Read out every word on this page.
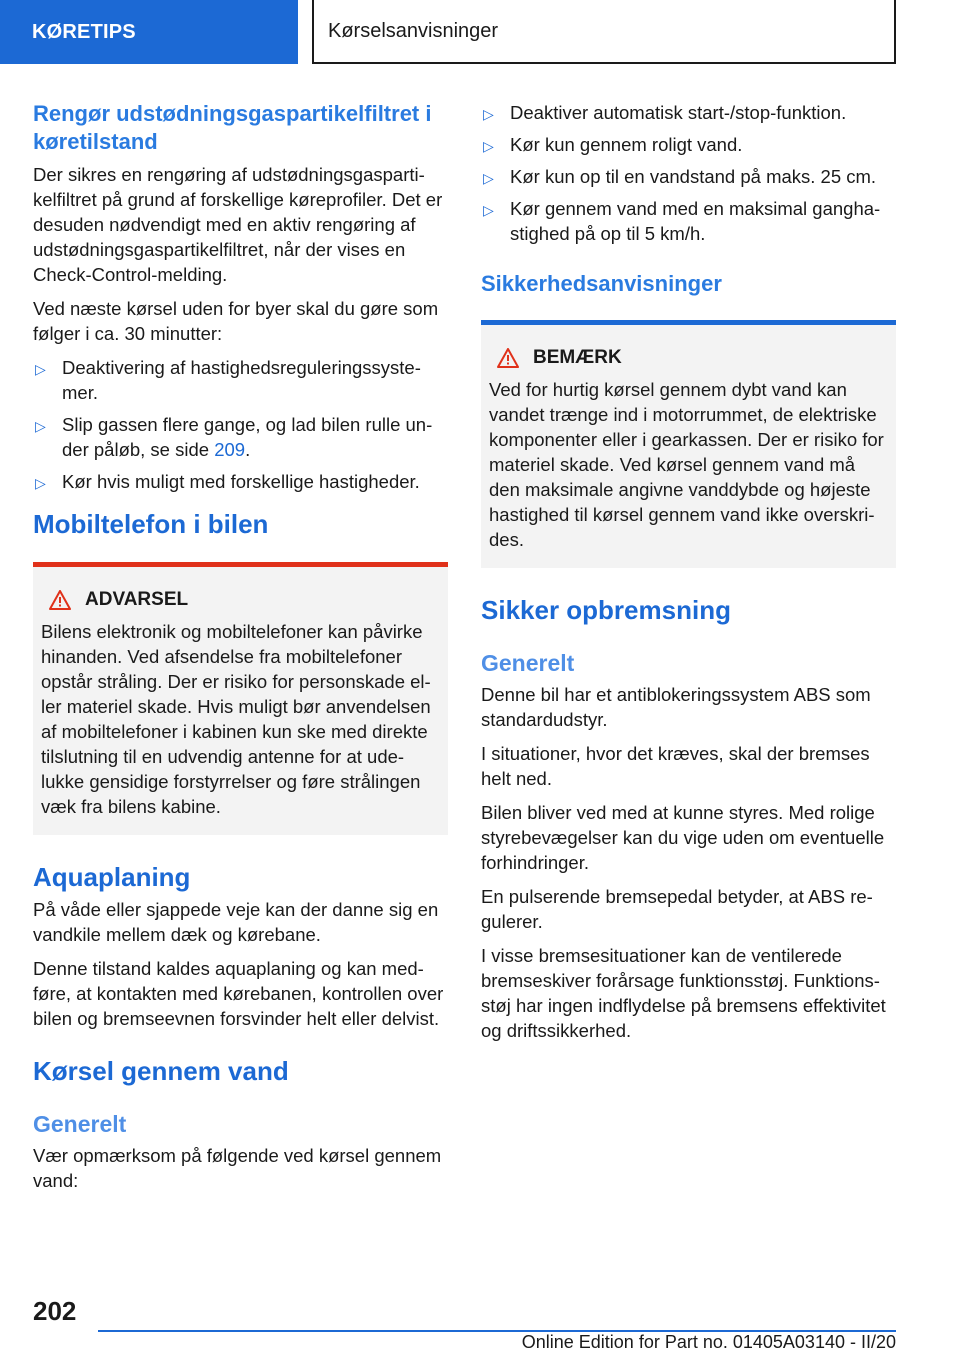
KØRETIPS	Kørselsanvisninger
Rengør udstødningsgaspartikelfiltret i køretilstand

Der sikres en rengøring af udstødningsgaspartikelfiltret på grund af forskellige køreprofiler. Det er desuden nødvendigt med en aktiv rengøring af udstødningsgaspartikelfiltret, når der vises en Check-Control-melding.

Ved næste kørsel uden for byer skal du gøre som følger i ca. 30 minutter:

▷ Deaktivering af hastighedsreguleringssystemer.
▷ Slip gassen flere gange, og lad bilen rulle under påløb, se side 209.
▷ Kør hvis muligt med forskellige hastigheder.
Mobiltelefon i bilen
ADVARSEL

Bilens elektronik og mobiltelefoner kan påvirke hinanden. Ved afsendelse fra mobiltelefoner opstår stråling. Der er risiko for personskade eller materiel skade. Hvis muligt bør anvendelsen af mobiltelefoner i kabinen kun ske med direkte tilslutning til en udvendig antenne for at udelukke gensidige forstyrrelser og føre strålingen væk fra bilens kabine.

Aquaplaning

På våde eller sjappede veje kan der danne sig en vandkile mellem dæk og kørebane.

Denne tilstand kaldes aquaplaning og kan medføre, at kontakten med kørebanen, kontrollen over bilen og bremseevnen forsvinder helt eller delvist.

Kørsel gennem vand
Generelt

Vær opmærksom på følgende ved kørsel gennem vand:

▷ Deaktiver automatisk start-/stop-funktion.
▷ Kør kun gennem roligt vand.
▷ Kør kun op til en vandstand på maks. 25 cm.
▷ Kør gennem vand med en maksimal ganghastighed på op til 5 km/h.
Sikkerhedsanvisninger
BEMÆRK

Ved for hurtig kørsel gennem dybt vand kan vandet trænge ind i motorrummet, de elektriske komponenter eller i gearkassen. Der er risiko for materiel skade. Ved kørsel gennem vand må den maksimale angivne vanddybde og højeste hastighed til kørsel gennem vand ikke overskrides.

Sikker opbremsning
Generelt

Denne bil har et antiblokeringssystem ABS som standardudstyr.

I situationer, hvor det kræves, skal der bremses helt ned.

Bilen bliver ved med at kunne styres. Med rolige styrebevægelser kan du vige uden om eventuelle forhindringer.

En pulserende bremsepedal betyder, at ABS regulerer.

I visse bremsesituationer kan de ventilerede bremseskiver forårsage funktionsstøj. Funktionsstøj har ingen indflydelse på bremsens effektivitet og driftssikkerhed.

202
Online Edition for Part no. 01405A03140 - II/20
